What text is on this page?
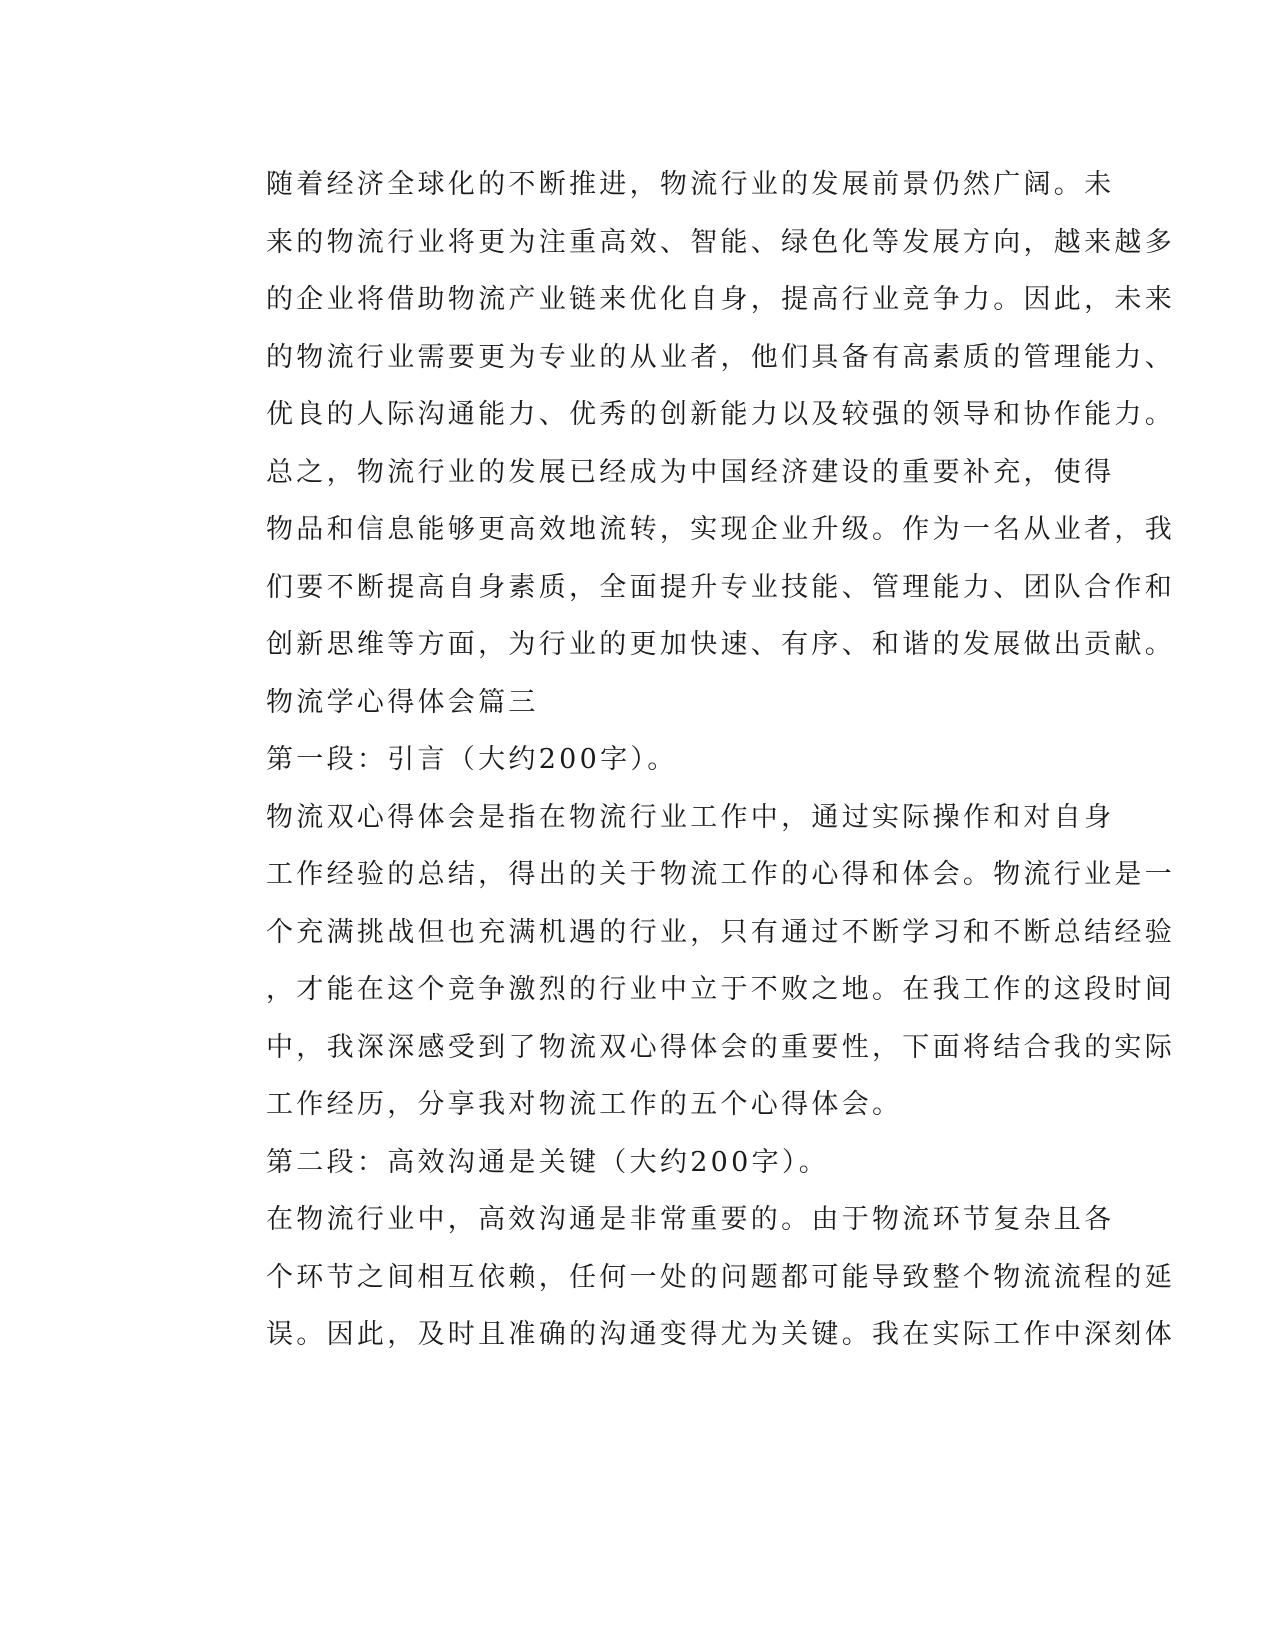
随着经济全球化的不断推进，物流行业的发展前景仍然广阔。未
来的物流行业将更为注重高效、智能、绿色化等发展方向，越来越多
的企业将借助物流产业链来优化自身，提高行业竞争力。因此，未来
的物流行业需要更为专业的从业者，他们具备有高素质的管理能力、
优良的人际沟通能力、优秀的创新能力以及较强的领导和协作能力。

总之，物流行业的发展已经成为中国经济建设的重要补充，使得
物品和信息能够更高效地流转，实现企业升级。作为一名从业者，我
们要不断提高自身素质，全面提升专业技能、管理能力、团队合作和
创新思维等方面，为行业的更加快速、有序、和谐的发展做出贡献。

物流学心得体会篇三

第一段：引言（大约200字）。

物流双心得体会是指在物流行业工作中，通过实际操作和对自身
工作经验的总结，得出的关于物流工作的心得和体会。物流行业是一
个充满挑战但也充满机遇的行业，只有通过不断学习和不断总结经验
，才能在这个竞争激烈的行业中立于不败之地。在我工作的这段时间
中，我深深感受到了物流双心得体会的重要性，下面将结合我的实际
工作经历，分享我对物流工作的五个心得体会。

第二段：高效沟通是关键（大约200字）。

在物流行业中，高效沟通是非常重要的。由于物流环节复杂且各
个环节之间相互依赖，任何一处的问题都可能导致整个物流流程的延
误。因此，及时且准确的沟通变得尤为关键。我在实际工作中深刻体
